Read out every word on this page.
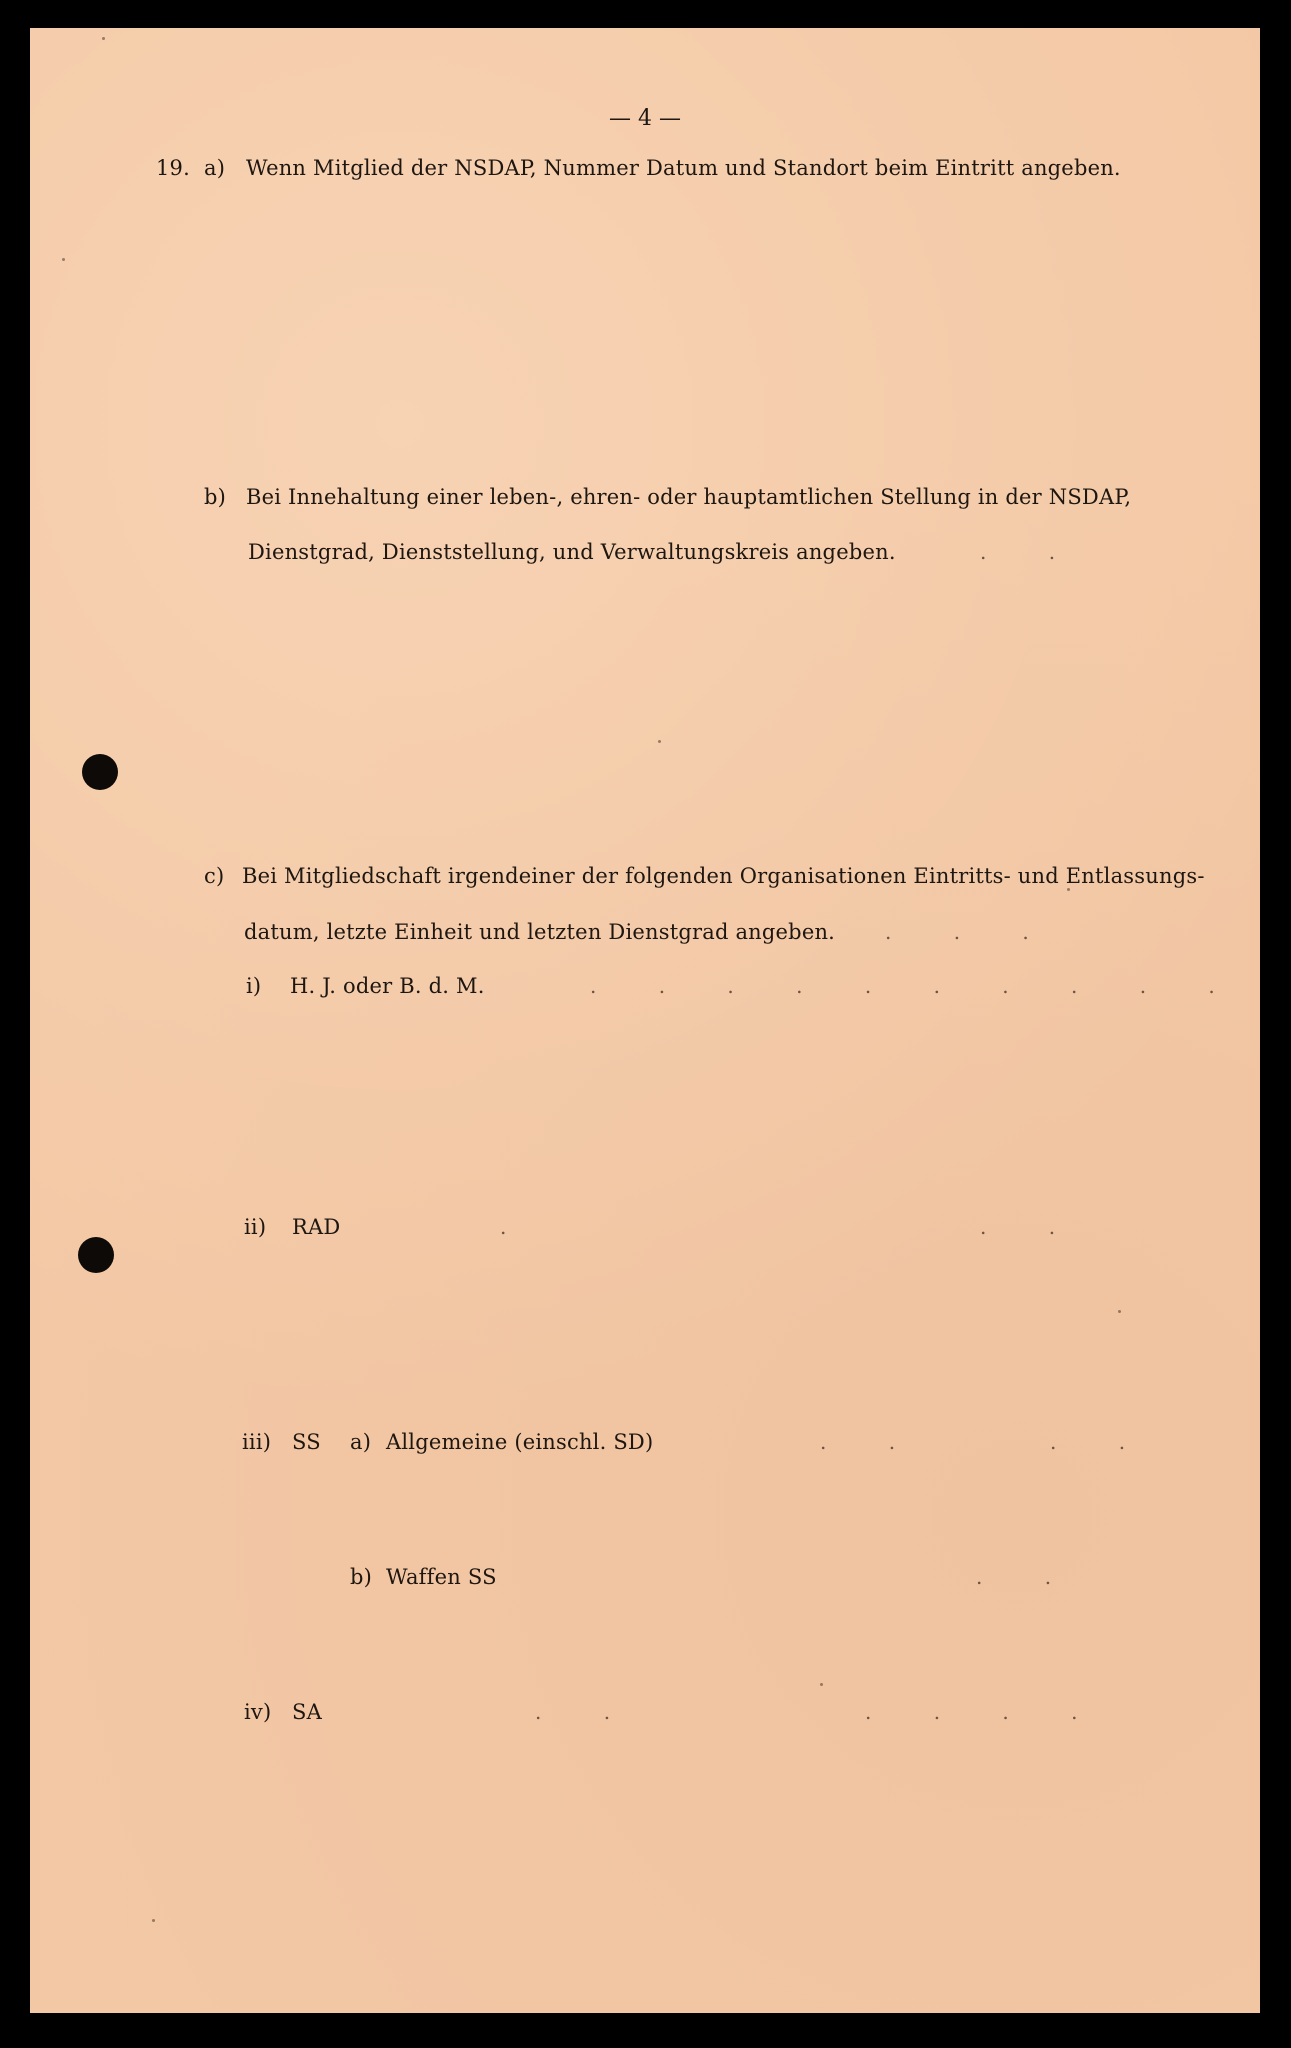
— 4 —
19. a) Wenn Mitglied der NSDAP, Nummer Datum und Standort beim Eintritt angeben.
b) Bei Innehaltung einer leben-, ehren- oder hauptamtlichen Stellung in der NSDAP,
Dienstgrad, Dienststellung, und Verwaltungskreis angeben.	. .
c) Bei Mitgliedschaft irgendeiner der folgenden Organisationen Eintritts- und Entlassungs-
datum, letzte Einheit und letzten Dienstgrad angeben. . . .
i) H. J. oder B. d. M.	. . . . . . . . . .
ii) RAD	.	. .
iii) SS a) Allgemeine (einschl. SD)	. .	. .
b) Waffen SS	. .
iv) SA	. .	. . . .
